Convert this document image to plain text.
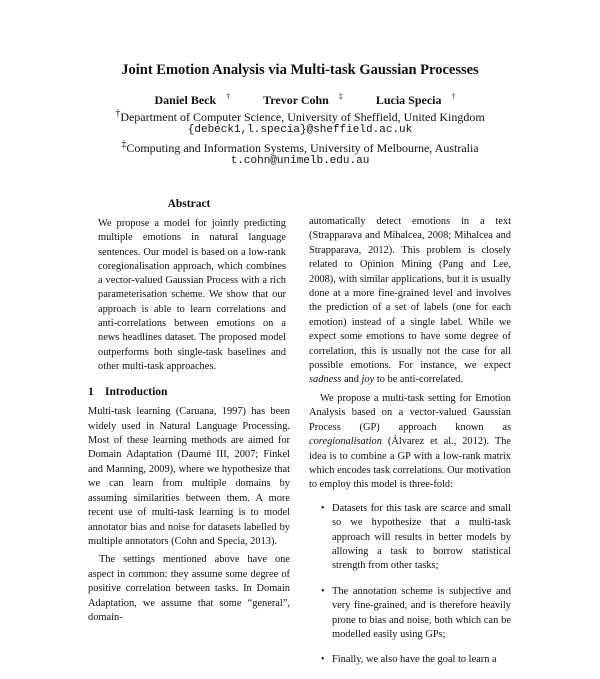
Joint Emotion Analysis via Multi-task Gaussian Processes
Daniel Beck †	Trevor Cohn ‡	Lucia Specia †
†Department of Computer Science, University of Sheffield, United Kingdom
{debeck1,l.specia}@sheffield.ac.uk
‡Computing and Information Systems, University of Melbourne, Australia
t.cohn@unimelb.edu.au
Abstract

We propose a model for jointly predicting multiple emotions in natural language sentences. Our model is based on a low-rank coregionalisation approach, which combines a vector-valued Gaussian Process with a rich parameterisation scheme. We show that our approach is able to learn correlations and anti-correlations between emotions on a news headlines dataset. The proposed model outperforms both single-task baselines and other multi-task approaches.

1 Introduction

Multi-task learning (Caruana, 1997) has been widely used in Natural Language Processing. Most of these learning methods are aimed for Domain Adaptation (Daumé III, 2007; Finkel and Manning, 2009), where we hypothesize that we can learn from multiple domains by assuming similarities between them. A more recent use of multi-task learning is to model annotator bias and noise for datasets labelled by multiple annotators (Cohn and Specia, 2013).

The settings mentioned above have one aspect in common: they assume some degree of positive correlation between tasks. In Domain Adaptation, we assume that some “general”, domain-

automatically detect emotions in a text (Strapparava and Mihalcea, 2008; Mihalcea and Strapparava, 2012). This problem is closely related to Opinion Mining (Pang and Lee, 2008), with similar applications, but it is usually done at a more fine-grained level and involves the prediction of a set of labels (one for each emotion) instead of a single label. While we expect some emotions to have some degree of correlation, this is usually not the case for all possible emotions. For instance, we expect sadness and joy to be anti-correlated.

We propose a multi-task setting for Emotion Analysis based on a vector-valued Gaussian Process (GP) approach known as coregionalisation (Álvarez et al., 2012). The idea is to combine a GP with a low-rank matrix which encodes task correlations. Our motivation to employ this model is three-fold:

• Datasets for this task are scarce and small so we hypothesize that a multi-task approach will results in better models by allowing a task to borrow statistical strength from other tasks;
• The annotation scheme is subjective and very fine-grained, and is therefore heavily prone to bias and noise, both which can be modelled easily using GPs;
• Finally, we also have the goal to learn a
